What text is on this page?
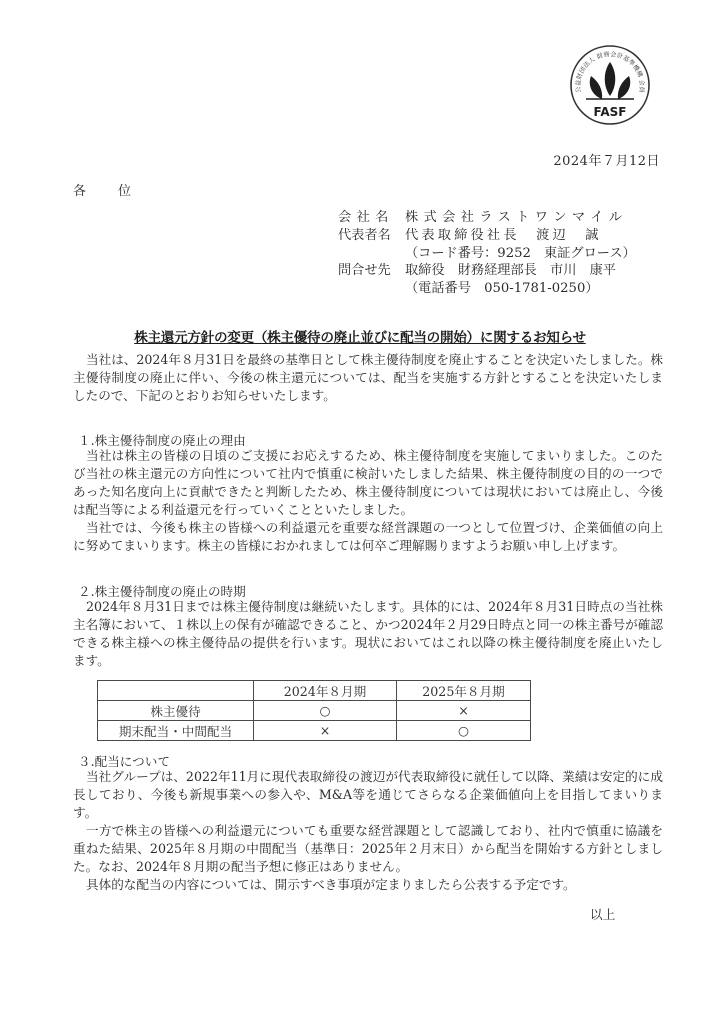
公益財団法人 財務会計基準機構 会員
FASF
2024年７月12日
各 位
会社名 株式会社ラストワンマイル
代表者名	代表取締役社長　渡辺　誠
（コード番号：9252　東証グロース）
問合せ先	取締役　財務経理部長　市川　康平
（電話番号　050-1781-0250）
株主還元方針の変更（株主優待の廃止並びに配当の開始）に関するお知らせ

当社は、2024年８月31日を最終の基準日として株主優待制度を廃止することを決定いたしました。株主優待制度の廃止に伴い、今後の株主還元については、配当を実施する方針とすることを決定いたしましたので、下記のとおりお知らせいたします。

１.株主優待制度の廃止の理由

当社は株主の皆様の日頃のご支援にお応えするため、株主優待制度を実施してまいりました。このたび当社の株主還元の方向性について社内で慎重に検討いたしました結果、株主優待制度の目的の一つであった知名度向上に貢献できたと判断したため、株主優待制度については現状においては廃止し、今後は配当等による利益還元を行っていくことといたしました。

当社では、今後も株主の皆様への利益還元を重要な経営課題の一つとして位置づけ、企業価値の向上に努めてまいります。株主の皆様におかれましては何卒ご理解賜りますようお願い申し上げます。

２.株主優待制度の廃止の時期

2024年８月31日までは株主優待制度は継続いたします。具体的には、2024年８月31日時点の当社株主名簿において、１株以上の保有が確認できること、かつ2024年２月29日時点と同一の株主番号が確認できる株主様への株主優待品の提供を行います。現状においてはこれ以降の株主優待制度を廃止いたします。

	2024年８月期	2025年８月期
株主優待	○	×
期末配当・中間配当	×	○
３.配当について

当社グループは、2022年11月に現代表取締役の渡辺が代表取締役に就任して以降、業績は安定的に成長しており、今後も新規事業への参入や、M&A等を通じてさらなる企業価値向上を目指してまいります。

一方で株主の皆様への利益還元についても重要な経営課題として認識しており、社内で慎重に協議を重ねた結果、2025年８月期の中間配当（基準日：2025年２月末日）から配当を開始する方針としました。なお、2024年８月期の配当予想に修正はありません。

具体的な配当の内容については、開示すべき事項が定まりましたら公表する予定です。

以上
